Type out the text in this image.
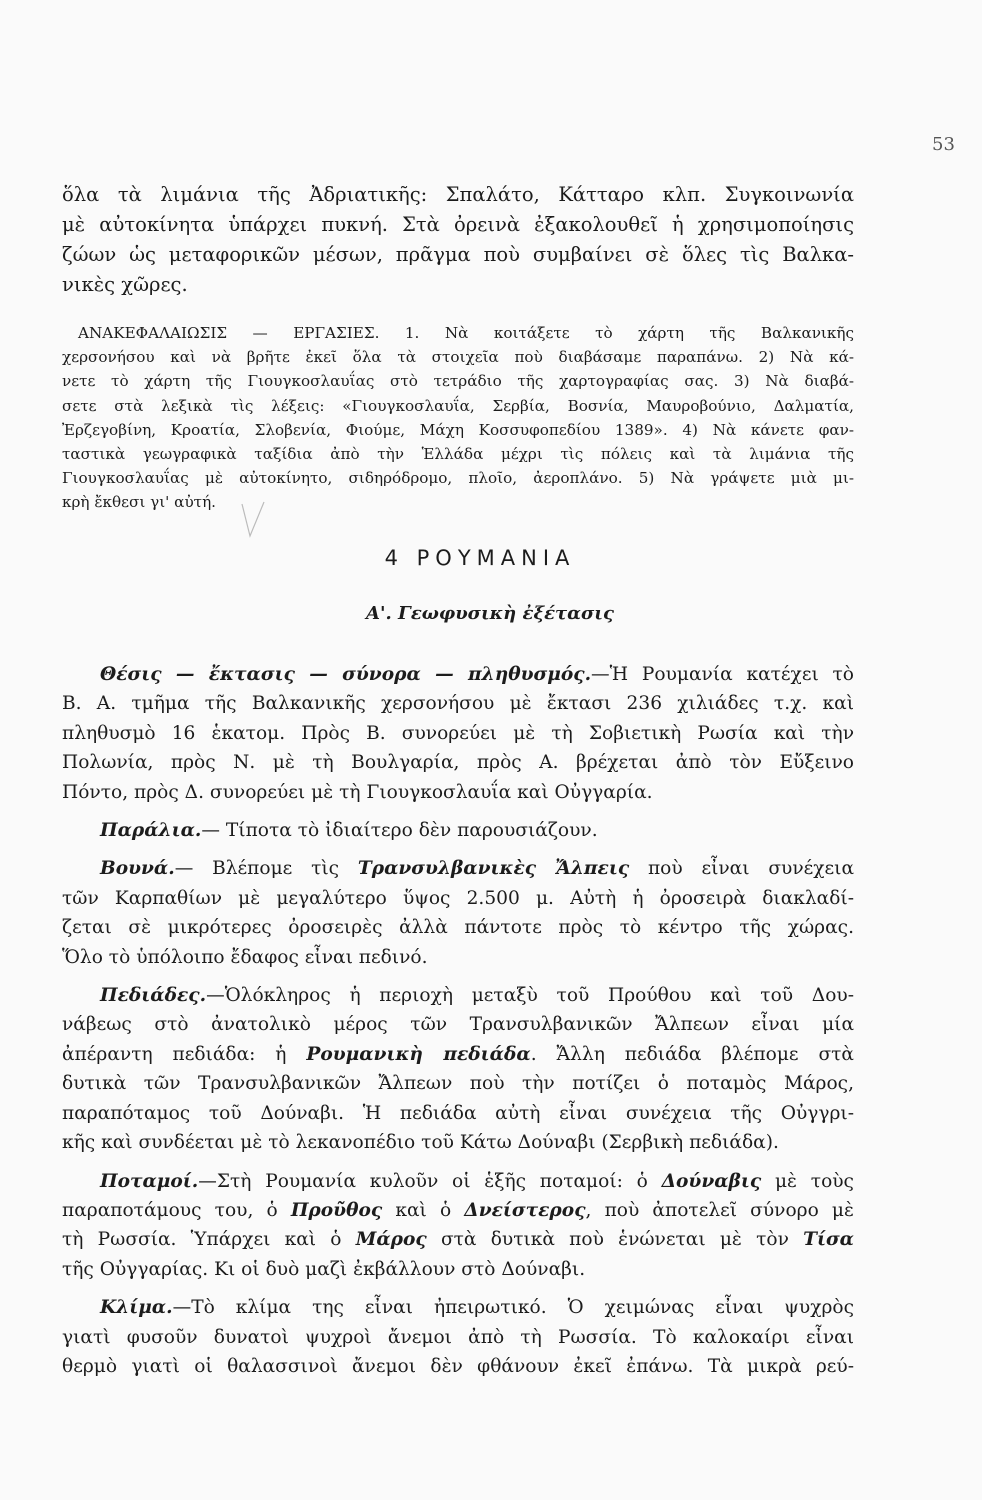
53
ὅλα τὰ λιμάνια τῆς Ἀδριατικῆς: Σπαλάτο, Κάτταρο κλπ. Συγκοινωνία
μὲ αὐτοκίνητα ὑπάρχει πυκνή. Στὰ ὀρεινὰ ἐξακολουθεῖ ἡ χρησιμοποίησις
ζώων ὡς μεταφορικῶν μέσων, πρᾶγμα ποὺ συμβαίνει σὲ ὅλες τὶς Βαλκα-
νικὲς χῶρες.
ΑΝΑΚΕΦΑΛΑΙΩΣΙΣ — ΕΡΓΑΣΙΕΣ. 1. Νὰ κοιτάξετε τὸ χάρτη τῆς Βαλκανικῆς
χερσονήσου καὶ νὰ βρῆτε ἐκεῖ ὅλα τὰ στοιχεῖα ποὺ διαβάσαμε παραπάνω. 2) Νὰ κά-
νετε τὸ χάρτη τῆς Γιουγκοσλαυΐας στὸ τετράδιο τῆς χαρτογραφίας σας. 3) Νὰ διαβά-
σετε στὰ λεξικὰ τὶς λέξεις: «Γιουγκοσλαυΐα, Σερβία, Βοσνία, Μαυροβούνιο, Δαλματία,
Ἐρζεγοβίνη, Κροατία, Σλοβενία, Φιούμε, Μάχη Κοσσυφοπεδίου 1389». 4) Νὰ κάνετε φαν-
ταστικὰ γεωγραφικὰ ταξίδια ἀπὸ τὴν Ἑλλάδα μέχρι τὶς πόλεις καὶ τὰ λιμάνια τῆς
Γιουγκοσλαυΐας μὲ αὐτοκίνητο, σιδηρόδρομο, πλοῖο, ἀεροπλάνο. 5) Νὰ γράψετε μιὰ μι-
κρὴ ἔκθεσι γι' αὐτή.
4 ΡΟΥΜΑΝΙΑ
Α'. Γεωφυσικὴ ἐξέτασις
Θέσις — ἔκτασις — σύνορα — πληθυσμός.—Ἡ Ρουμανία κατέχει τὸ
Β. Α. τμῆμα τῆς Βαλκανικῆς χερσονήσου μὲ ἔκτασι 236 χιλιάδες τ.χ. καὶ
πληθυσμὸ 16 ἑκατομ. Πρὸς Β. συνορεύει μὲ τὴ Σοβιετικὴ Ρωσία καὶ τὴν
Πολωνία, πρὸς Ν. μὲ τὴ Βουλγαρία, πρὸς Α. βρέχεται ἀπὸ τὸν Εὔξεινο
Πόντο, πρὸς Δ. συνορεύει μὲ τὴ Γιουγκοσλαυΐα καὶ Οὐγγαρία.
Παράλια.— Τίποτα τὸ ἰδιαίτερο δὲν παρουσιάζουν.
Βουνά.— Βλέπομε τὶς Τρανσυλβανικὲς Ἄλπεις ποὺ εἶναι συνέχεια
τῶν Καρπαθίων μὲ μεγαλύτερο ὕψος 2.500 μ. Αὐτὴ ἡ ὀροσειρὰ διακλαδί-
ζεται σὲ μικρότερες ὀροσειρὲς ἀλλὰ πάντοτε πρὸς τὸ κέντρο τῆς χώρας.
Ὅλο τὸ ὑπόλοιπο ἔδαφος εἶναι πεδινό.
Πεδιάδες.—Ὁλόκληρος ἡ περιοχὴ μεταξὺ τοῦ Προύθου καὶ τοῦ Δου-
νάβεως στὸ ἀνατολικὸ μέρος τῶν Τρανσυλβανικῶν Ἄλπεων εἶναι μία
ἀπέραντη πεδιάδα: ἡ Ρουμανικὴ πεδιάδα. Ἄλλη πεδιάδα βλέπομε στὰ
δυτικὰ τῶν Τρανσυλβανικῶν Ἄλπεων ποὺ τὴν ποτίζει ὁ ποταμὸς Μάρος,
παραπόταμος τοῦ Δούναβι. Ἡ πεδιάδα αὐτὴ εἶναι συνέχεια τῆς Οὐγγρι-
κῆς καὶ συνδέεται μὲ τὸ λεκανοπέδιο τοῦ Κάτω Δούναβι (Σερβικὴ πεδιάδα).
Ποταμοί.—Στὴ Ρουμανία κυλοῦν οἱ ἑξῆς ποταμοί: ὁ Δούναβις μὲ τοὺς
παραποτάμους του, ὁ Προῦθος καὶ ὁ Δνείστερος, ποὺ ἀποτελεῖ σύνορο μὲ
τὴ Ρωσσία. Ὑπάρχει καὶ ὁ Μάρος στὰ δυτικὰ ποὺ ἑνώνεται μὲ τὸν Τίσα
τῆς Οὐγγαρίας. Κι οἱ δυὸ μαζὶ ἐκβάλλουν στὸ Δούναβι.
Κλίμα.—Τὸ κλίμα της εἶναι ἠπειρωτικό. Ὁ χειμώνας εἶναι ψυχρὸς
γιατὶ φυσοῦν δυνατοὶ ψυχροὶ ἄνεμοι ἀπὸ τὴ Ρωσσία. Τὸ καλοκαίρι εἶναι
θερμὸ γιατὶ οἱ θαλασσινοὶ ἄνεμοι δὲν φθάνουν ἐκεῖ ἐπάνω. Τὰ μικρὰ ρεύ-
